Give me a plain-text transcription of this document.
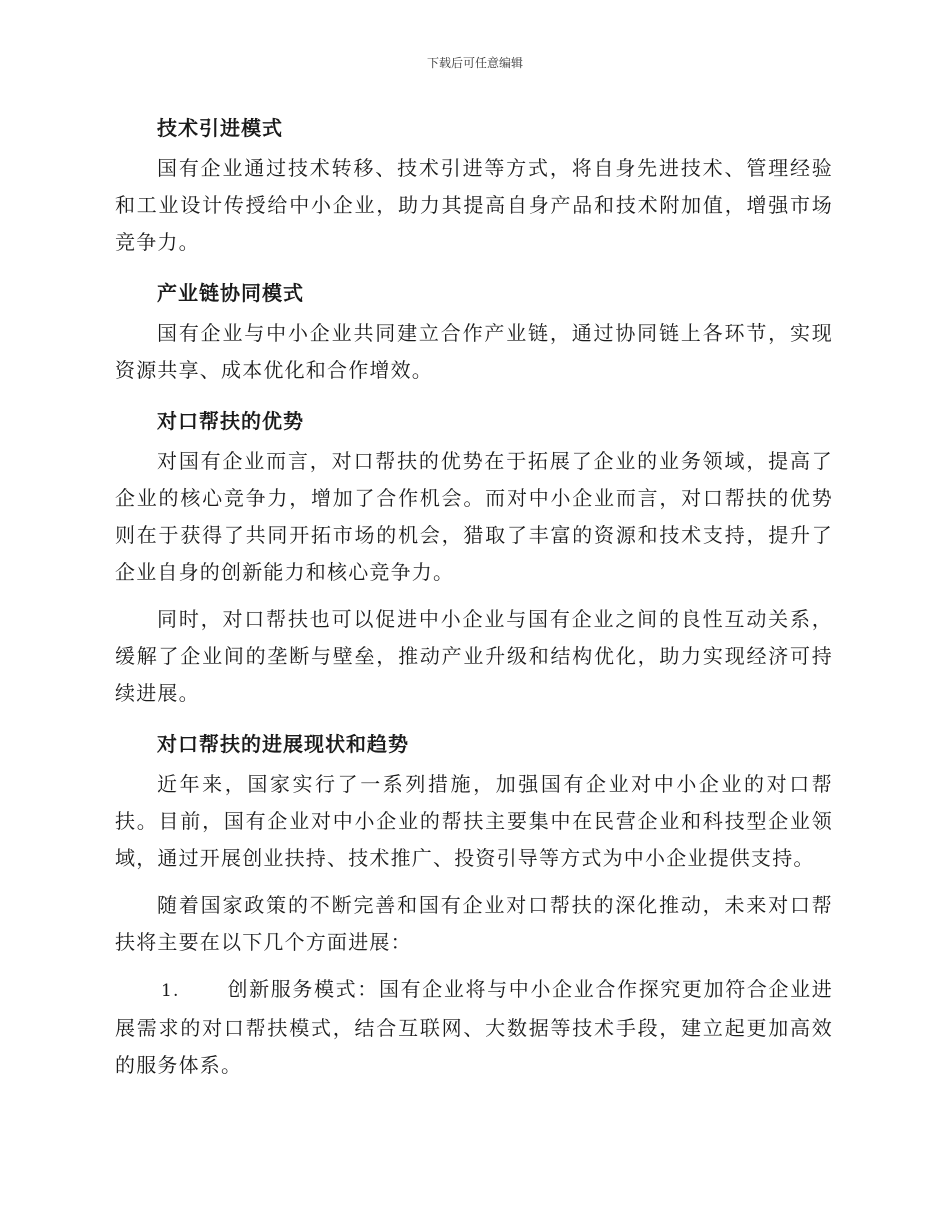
下载后可任意编辑
技术引进模式

国有企业通过技术转移、技术引进等方式，将自身先进技术、管理经验和工业设计传授给中小企业，助力其提高自身产品和技术附加值，增强市场竞争力。

产业链协同模式

国有企业与中小企业共同建立合作产业链，通过协同链上各环节，实现资源共享、成本优化和合作增效。

对口帮扶的优势

对国有企业而言，对口帮扶的优势在于拓展了企业的业务领域，提高了企业的核心竞争力，增加了合作机会。而对中小企业而言，对口帮扶的优势则在于获得了共同开拓市场的机会，猎取了丰富的资源和技术支持，提升了企业自身的创新能力和核心竞争力。

同时，对口帮扶也可以促进中小企业与国有企业之间的良性互动关系，缓解了企业间的垄断与壁垒，推动产业升级和结构优化，助力实现经济可持续进展。

对口帮扶的进展现状和趋势

近年来，国家实行了一系列措施，加强国有企业对中小企业的对口帮扶。目前，国有企业对中小企业的帮扶主要集中在民营企业和科技型企业领域，通过开展创业扶持、技术推广、投资引导等方式为中小企业提供支持。

随着国家政策的不断完善和国有企业对口帮扶的深化推动，未来对口帮扶将主要在以下几个方面进展：

1. 创新服务模式：国有企业将与中小企业合作探究更加符合企业进展需求的对口帮扶模式，结合互联网、大数据等技术手段，建立起更加高效的服务体系。
